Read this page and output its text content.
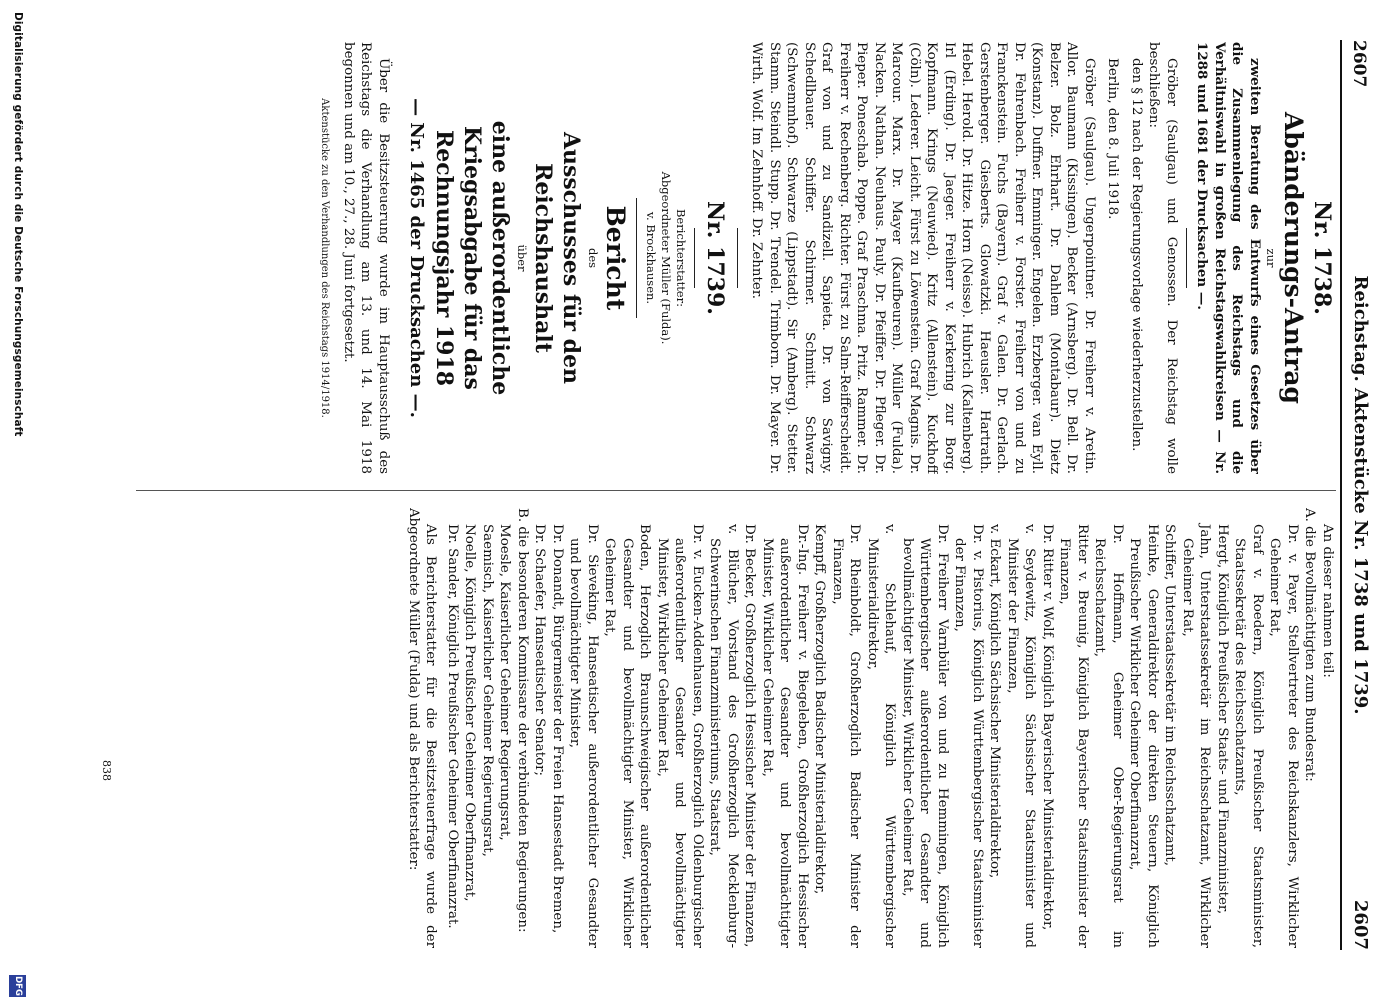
2607
Reichstag. Aktenstücke Nr. 1738 und 1739.
2607

Nr. 1738.

Abänderungs-Antrag

zur

zweiten Beratung des Entwurfs eines Gesetzes über die Zusammenlegung des Reichstags und die Verhältniswahl in großen Reichstagswahlkreisen — Nr. 1288 und 1681 der Drucksachen —.

Gröber (Saulgau) und Genossen. Der Reichstag wolle beschließen:

den § 12 nach der Regierungsvorlage wiederherzustellen.

Berlin, den 8. Juli 1918.

Gröber (Saulgau). Ungerpointner. Dr. Freiherr v. Aretin. Allor. Baumann (Kissingen). Becker (Arnsberg). Dr. Bell. Dr. Belzer. Bolz. Ehrhart. Dr. Dahlem (Montabaur). Dietz (Konstanz). Duffner. Emminger. Engelen. Erzberger. van Eyll. Dr. Fehrenbach. Freiherr v. Forster. Freiherr von und zu Franckenstein. Fuchs (Bayern). Graf v. Galen. Dr. Gerlach. Gerstenberger. Giesberts. Glowatzki. Haeusler. Hartrath. Hebel. Herold. Dr. Hitze. Horn (Neisse). Hubrich (Kaltenberg). Irl (Erding). Dr. Jaeger. Freiherr v. Kerkering zur Borg. Kopfmann. Krings (Neuwied). Kritz (Allenstein). Kuckhoff (Cöln). Lederer. Leicht. Fürst zu Löwenstein. Graf Magnis. Dr. Marcour. Marx. Dr. Mayer (Kaufbeuren). Müller (Fulda). Nacken. Nathan. Neuhaus. Pauly. Dr. Pfeiffer. Dr. Pfleger. Dr. Pieper. Poneschab. Poppe. Graf Praschma. Pritz. Rammer. Dr. Freiherr v. Rechenberg. Richter. Fürst zu Salm-Reifferscheidt. Graf von und zu Sandizell. Sapieta. Dr. von Savigny. Schedlbauer. Schiffer. Schirmer. Schmitt. Schwarz (Schwemmhof). Schwarze (Lippstadt). Sir (Amberg). Stetter. Stamm. Steindl. Stupp. Dr. Trendel. Trimborn. Dr. Mayer. Dr. Wirth. Wolf. Im Zehnhoff. Dr. Zehnter.

Nr. 1739.

Berichterstatter:

Abgeordneter Müller (Fulda).

v. Brockhausen.

Bericht

des

Ausschusses für den Reichshaushalt

über

eine außerordentliche Kriegsabgabe für das Rechnungsjahr 1918

— Nr. 1465 der Drucksachen —.

Über die Besitzsteuerung wurde im Hauptausschuß des Reichstags die Verhandlung am 13. und 14. Mai 1918 begonnen und am 10., 27., 28. Juni fortgesetzt.

Aktenstücke zu den Verhandlungen des Reichstags 1914/1918.

An dieser nahmen teil:

A. die Bevollmächtigten zum Bundesrat:

Dr. v. Payer, Stellvertreter des Reichskanzlers, Wirklicher Geheimer Rat,

Graf v. Roedern, Königlich Preußischer Staatsminister, Staatssekretär des Reichsschatzamts,

Hergt, Königlich Preußischer Staats- und Finanzminister,

Jahn, Unterstaatssekretär im Reichsschatzamt, Wirklicher Geheimer Rat,

Schiffer, Unterstaatssekretär im Reichsschatzamt,

Heinke, Generaldirektor der direkten Steuern, Königlich Preußischer Wirklicher Geheimer Oberfinanzrat,

Dr. Hoffmann, Geheimer Ober-Regierungsrat im Reichsschatzamt,

Ritter v. Breunig, Königlich Bayerischer Staatsminister der Finanzen,

Dr. Ritter v. Wolf, Königlich Bayerischer Ministerialdirektor,

v. Seydewitz, Königlich Sächsischer Staatsminister und Minister der Finanzen,

v. Eckart, Königlich Sächsischer Ministerialdirektor,

Dr. v. Pistorius, Königlich Württembergischer Staatsminister der Finanzen,

Dr. Freiherr Varnbüler von und zu Hemmingen, Königlich Württembergischer außerordentlicher Gesandter und bevollmächtigter Minister, Wirklicher Geheimer Rat,

v. Schlehauf, Königlich Württembergischer Ministerialdirektor,

Dr. Rheinboldt, Großherzoglich Badischer Minister der Finanzen,

Kempff, Großherzoglich Badischer Ministerialdirektor,

Dr.-Ing. Freiherr v. Biegeleben, Großherzoglich Hessischer außerordentlicher Gesandter und bevollmächtigter Minister, Wirklicher Geheimer Rat,

Dr. Becker, Großherzoglich Hessischer Minister der Finanzen,

v. Blücher, Vorstand des Großherzoglich Mecklenburg-Schwerinschen Finanzministeriums, Staatsrat,

Dr. v. Eucken-Addenhausen, Großherzoglich Oldenburgischer außerordentlicher Gesandter und bevollmächtigter Minister, Wirklicher Geheimer Rat,

Boden, Herzoglich Braunschweigischer außerordentlicher Gesandter und bevollmächtigter Minister, Wirklicher Geheimer Rat,

Dr. Sieveking, Hanseatischer außerordentlicher Gesandter und bevollmächtigter Minister,

Dr. Donandt, Bürgermeister der Freien Hansestadt Bremen,

Dr. Schaefer, Hanseatischer Senator;

B. die besonderen Kommissare der verbündeten Regierungen:

Moesle, Kaiserlicher Geheimer Regierungsrat,

Saemisch, Kaiserlicher Geheimer Regierungsrat,

Noelle, Königlich Preußischer Geheimer Oberfinanzrat,

Dr. Sander, Königlich Preußischer Geheimer Oberfinanzrat.

Als Berichterstatter für die Besitzsteuerfrage wurde der Abgeordnete Müller (Fulda) und als Berichterstatter:

838
Digitalisierung gefördert durch die Deutsche Forschungsgemeinschaft
DFG
